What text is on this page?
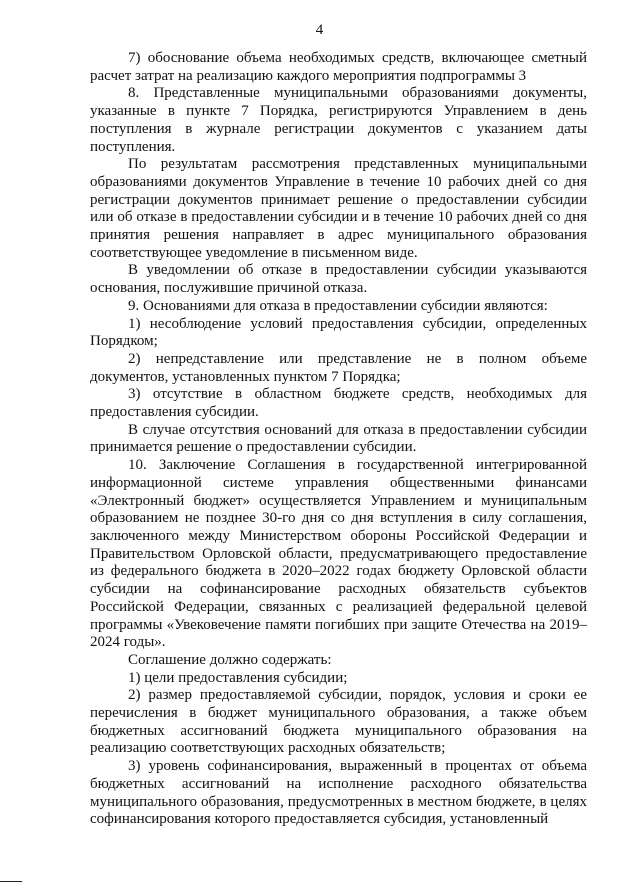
4

7) обоснование объема необходимых средств, включающее сметный расчет затрат на реализацию каждого мероприятия подпрограммы 3

8. Представленные муниципальными образованиями документы, указанные в пункте 7 Порядка, регистрируются Управлением в день поступления в журнале регистрации документов с указанием даты поступления.

По результатам рассмотрения представленных муниципальными образованиями документов Управление в течение 10 рабочих дней со дня регистрации документов принимает решение о предоставлении субсидии или об отказе в предоставлении субсидии и в течение 10 рабочих дней со дня принятия решения направляет в адрес муниципального образования соответствующее уведомление в письменном виде.

В уведомлении об отказе в предоставлении субсидии указываются основания, послужившие причиной отказа.

9. Основаниями для отказа в предоставлении субсидии являются:

1) несоблюдение условий предоставления субсидии, определенных Порядком;

2) непредставление или представление не в полном объеме документов, установленных пунктом 7 Порядка;

3) отсутствие в областном бюджете средств, необходимых для предоставления субсидии.

В случае отсутствия оснований для отказа в предоставлении субсидии принимается решение о предоставлении субсидии.

10. Заключение Соглашения в государственной интегрированной информационной системе управления общественными финансами «Электронный бюджет» осуществляется Управлением и муниципальным образованием не позднее 30-го дня со дня вступления в силу соглашения, заключенного между Министерством обороны Российской Федерации и Правительством Орловской области, предусматривающего предоставление из федерального бюджета в 2020–2022 годах бюджету Орловской области субсидии на софинансирование расходных обязательств субъектов Российской Федерации, связанных с реализацией федеральной целевой программы «Увековечение памяти погибших при защите Отечества на 2019–2024 годы».

Соглашение должно содержать:

1) цели предоставления субсидии;

2) размер предоставляемой субсидии, порядок, условия и сроки ее перечисления в бюджет муниципального образования, а также объем бюджетных ассигнований бюджета муниципального образования на реализацию соответствующих расходных обязательств;

3) уровень софинансирования, выраженный в процентах от объема бюджетных ассигнований на исполнение расходного обязательства муниципального образования, предусмотренных в местном бюджете, в целях софинансирования которого предоставляется субсидия, установленный
